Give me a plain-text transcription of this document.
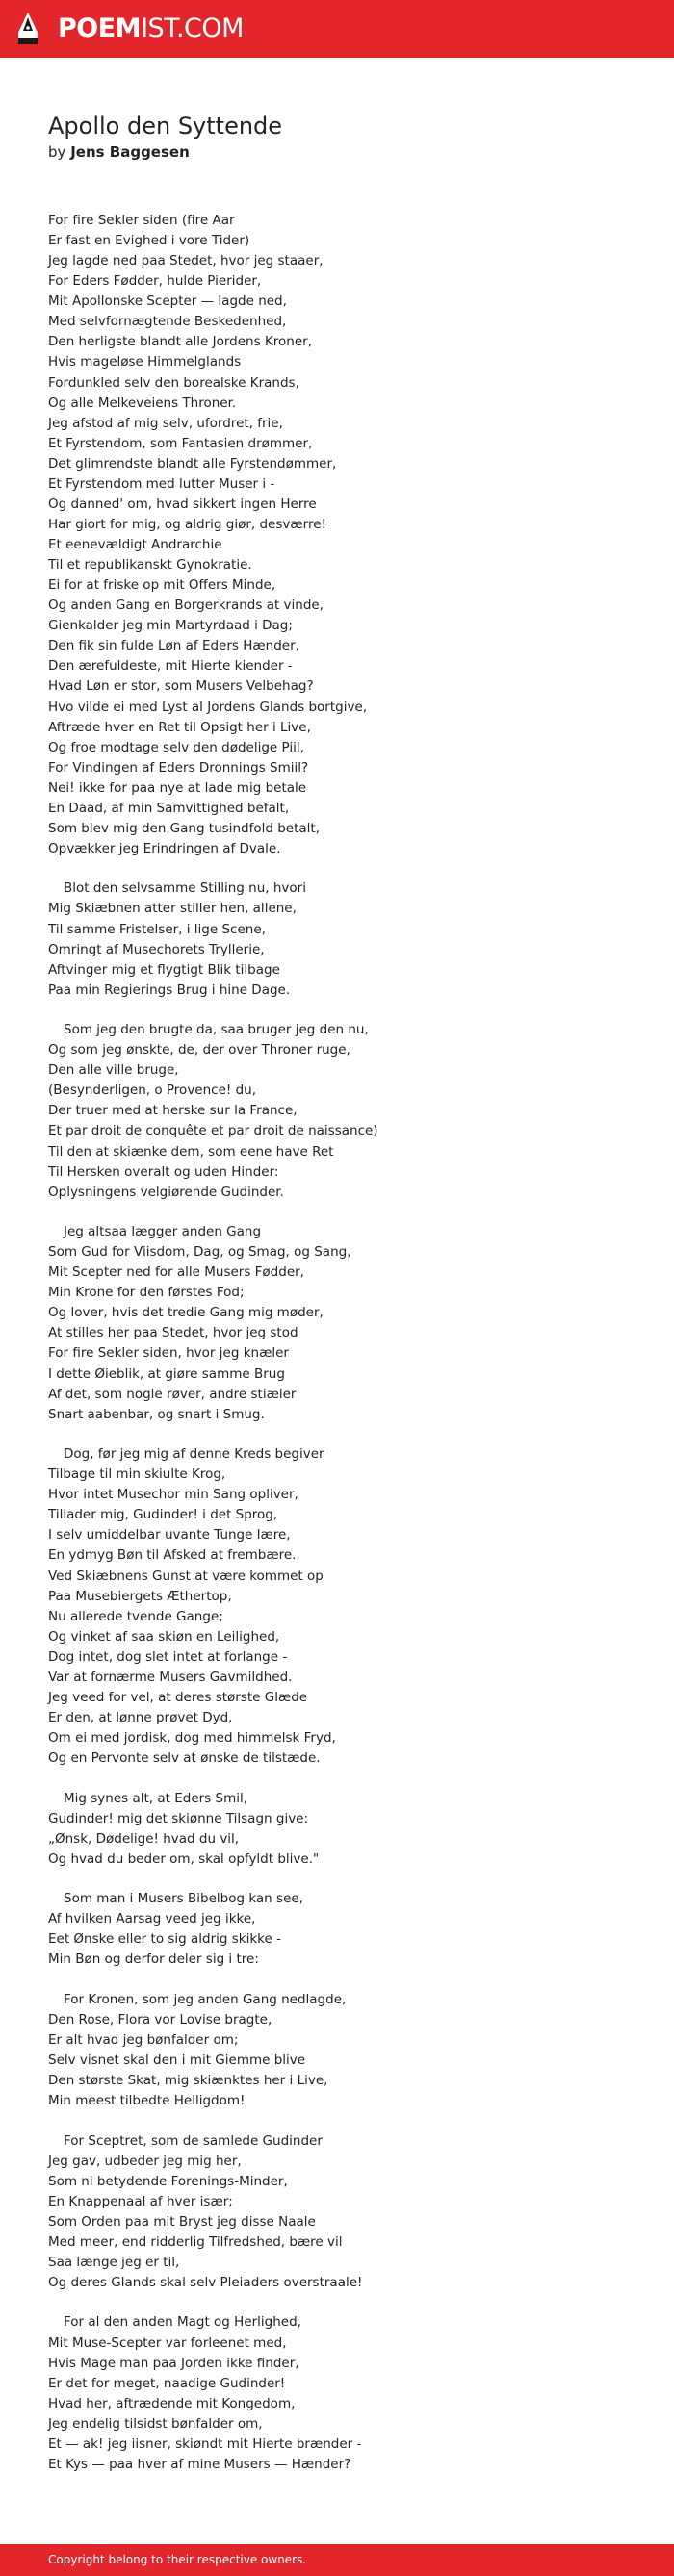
POEMIST.COM
Apollo den Syttende
by Jens Baggesen
For fire Sekler siden (fire Aar
Er fast en Evighed i vore Tider)
Jeg lagde ned paa Stedet, hvor jeg staaer,
For Eders Fødder, hulde Pierider,
Mit Apollonske Scepter — lagde ned,
Med selvfornægtende Beskedenhed,
Den herligste blandt alle Jordens Kroner,
Hvis mageløse Himmelglands
Fordunkled selv den borealske Krands,
Og alle Melkeveiens Throner.
Jeg afstod af mig selv, ufordret, frie,
Et Fyrstendom, som Fantasien drømmer,
Det glimrendste blandt alle Fyrstendømmer,
Et Fyrstendom med lutter Muser i -
Og danned' om, hvad sikkert ingen Herre
Har giort for mig, og aldrig giør, desværre!
Et eenevældigt Andrarchie
Til et republikanskt Gynokratie.
Ei for at friske op mit Offers Minde,
Og anden Gang en Borgerkrands at vinde,
Gienkalder jeg min Martyrdaad i Dag;
Den fik sin fulde Løn af Eders Hænder,
Den ærefuldeste, mit Hierte kiender -
Hvad Løn er stor, som Musers Velbehag?
Hvo vilde ei med Lyst al Jordens Glands bortgive,
Aftræde hver en Ret til Opsigt her i Live,
Og froe modtage selv den dødelige Piil,
For Vindingen af Eders Dronnings Smiil?
Nei! ikke for paa nye at lade mig betale
En Daad, af min Samvittighed befalt,
Som blev mig den Gang tusindfold betalt,
Opvækker jeg Erindringen af Dvale.
Blot den selvsamme Stilling nu, hvori
Mig Skiæbnen atter stiller hen, allene,
Til samme Fristelser, i lige Scene,
Omringt af Musechorets Tryllerie,
Aftvinger mig et flygtigt Blik tilbage
Paa min Regierings Brug i hine Dage.
Som jeg den brugte da, saa bruger jeg den nu,
Og som jeg ønskte, de, der over Throner ruge,
Den alle ville bruge,
(Besynderligen, o Provence! du,
Der truer med at herske sur la France,
Et par droit de conquête et par droit de naissance)
Til den at skiænke dem, som eene have Ret
Til Hersken overalt og uden Hinder:
Oplysningens velgiørende Gudinder.
Jeg altsaa lægger anden Gang
Som Gud for Viisdom, Dag, og Smag, og Sang,
Mit Scepter ned for alle Musers Fødder,
Min Krone for den førstes Fod;
Og lover, hvis det tredie Gang mig møder,
At stilles her paa Stedet, hvor jeg stod
For fire Sekler siden, hvor jeg knæler
I dette Øieblik, at giøre samme Brug
Af det, som nogle røver, andre stiæler
Snart aabenbar, og snart i Smug.
Dog, før jeg mig af denne Kreds begiver
Tilbage til min skiulte Krog,
Hvor intet Musechor min Sang opliver,
Tillader mig, Gudinder! i det Sprog,
I selv umiddelbar uvante Tunge lære,
En ydmyg Bøn til Afsked at frembære.
Ved Skiæbnens Gunst at være kommet op
Paa Musebiergets Æthertop,
Nu allerede tvende Gange;
Og vinket af saa skiøn en Leilighed,
Dog intet, dog slet intet at forlange -
Var at fornærme Musers Gavmildhed.
Jeg veed for vel, at deres største Glæde
Er den, at lønne prøvet Dyd,
Om ei med jordisk, dog med himmelsk Fryd,
Og en Pervonte selv at ønske de tilstæde.
Mig synes alt, at Eders Smil,
Gudinder! mig det skiønne Tilsagn give:
„Ønsk, Dødelige! hvad du vil,
Og hvad du beder om, skal opfyldt blive."
Som man i Musers Bibelbog kan see,
Af hvilken Aarsag veed jeg ikke,
Eet Ønske eller to sig aldrig skikke -
Min Bøn og derfor deler sig i tre:
For Kronen, som jeg anden Gang nedlagde,
Den Rose, Flora vor Lovise bragte,
Er alt hvad jeg bønfalder om;
Selv visnet skal den i mit Giemme blive
Den største Skat, mig skiænktes her i Live,
Min meest tilbedte Helligdom!
For Sceptret, som de samlede Gudinder
Jeg gav, udbeder jeg mig her,
Som ni betydende Forenings-Minder,
En Knappenaal af hver især;
Som Orden paa mit Bryst jeg disse Naale
Med meer, end ridderlig Tilfredshed, bære vil
Saa længe jeg er til,
Og deres Glands skal selv Pleiaders overstraale!
For al den anden Magt og Herlighed,
Mit Muse-Scepter var forleenet med,
Hvis Mage man paa Jorden ikke finder,
Er det for meget, naadige Gudinder!
Hvad her, aftrædende mit Kongedom,
Jeg endelig tilsidst bønfalder om,
Et — ak! jeg iisner, skiøndt mit Hierte brænder -
Et Kys — paa hver af mine Musers — Hænder?
Copyright belong to their respective owners.
